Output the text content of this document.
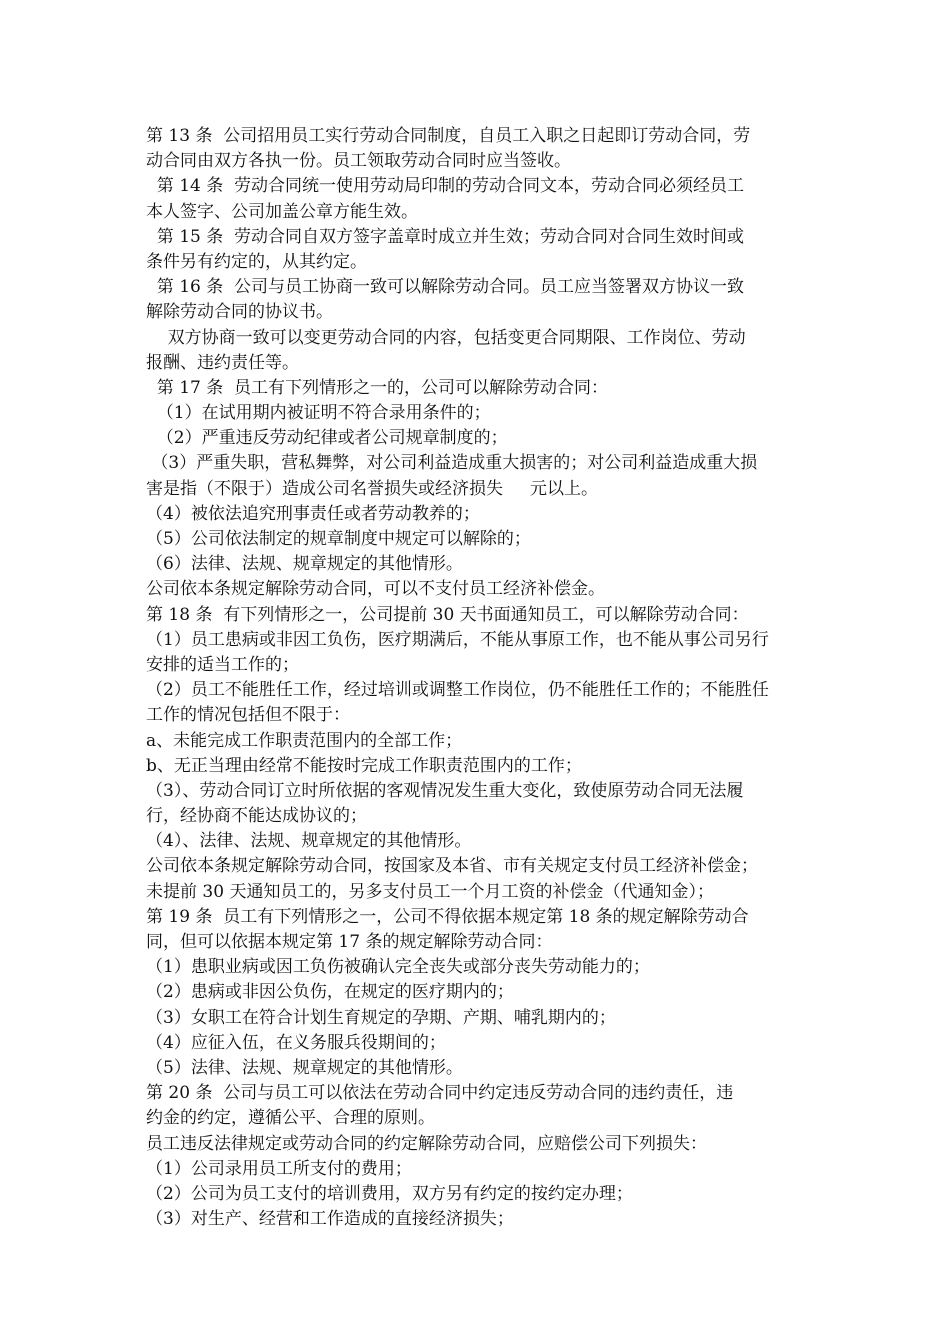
第 13 条  公司招用员工实行劳动合同制度，自员工入职之日起即订劳动合同，劳
动合同由双方各执一份。员工领取劳动合同时应当签收。
第 14 条  劳动合同统一使用劳动局印制的劳动合同文本，劳动合同必须经员工
本人签字、公司加盖公章方能生效。
第 15 条  劳动合同自双方签字盖章时成立并生效；劳动合同对合同生效时间或
条件另有约定的，从其约定。
第 16 条  公司与员工协商一致可以解除劳动合同。员工应当签署双方协议一致
解除劳动合同的协议书。
双方协商一致可以变更劳动合同的内容，包括变更合同期限、工作岗位、劳动
报酬、违约责任等。
第 17 条  员工有下列情形之一的，公司可以解除劳动合同：
（1）在试用期内被证明不符合录用条件的；
（2）严重违反劳动纪律或者公司规章制度的；
（3）严重失职，营私舞弊，对公司利益造成重大损害的；对公司利益造成重大损
害是指（不限于）造成公司名誉损失或经济损失     元以上。
（4）被依法追究刑事责任或者劳动教养的；
（5）公司依法制定的规章制度中规定可以解除的；
（6）法律、法规、规章规定的其他情形。
公司依本条规定解除劳动合同，可以不支付员工经济补偿金。
第 18 条  有下列情形之一，公司提前 30 天书面通知员工，可以解除劳动合同：
（1）员工患病或非因工负伤，医疗期满后，不能从事原工作，也不能从事公司另行
安排的适当工作的；
（2）员工不能胜任工作，经过培训或调整工作岗位，仍不能胜任工作的；不能胜任
工作的情况包括但不限于：
a、未能完成工作职责范围内的全部工作；
b、无正当理由经常不能按时完成工作职责范围内的工作；
（3）、劳动合同订立时所依据的客观情况发生重大变化，致使原劳动合同无法履
行，经协商不能达成协议的；
（4）、法律、法规、规章规定的其他情形。
公司依本条规定解除劳动合同，按国家及本省、市有关规定支付员工经济补偿金；
未提前 30 天通知员工的，另多支付员工一个月工资的补偿金（代通知金）；
第 19 条  员工有下列情形之一，公司不得依据本规定第 18 条的规定解除劳动合
同，但可以依据本规定第 17 条的规定解除劳动合同：
（1）患职业病或因工负伤被确认完全丧失或部分丧失劳动能力的；
（2）患病或非因公负伤，在规定的医疗期内的；
（3）女职工在符合计划生育规定的孕期、产期、哺乳期内的；
（4）应征入伍，在义务服兵役期间的；
（5）法律、法规、规章规定的其他情形。
第 20 条  公司与员工可以依法在劳动合同中约定违反劳动合同的违约责任，违
约金的约定，遵循公平、合理的原则。
员工违反法律规定或劳动合同的约定解除劳动合同，应赔偿公司下列损失：
（1）公司录用员工所支付的费用；
（2）公司为员工支付的培训费用，双方另有约定的按约定办理；
（3）对生产、经营和工作造成的直接经济损失；
